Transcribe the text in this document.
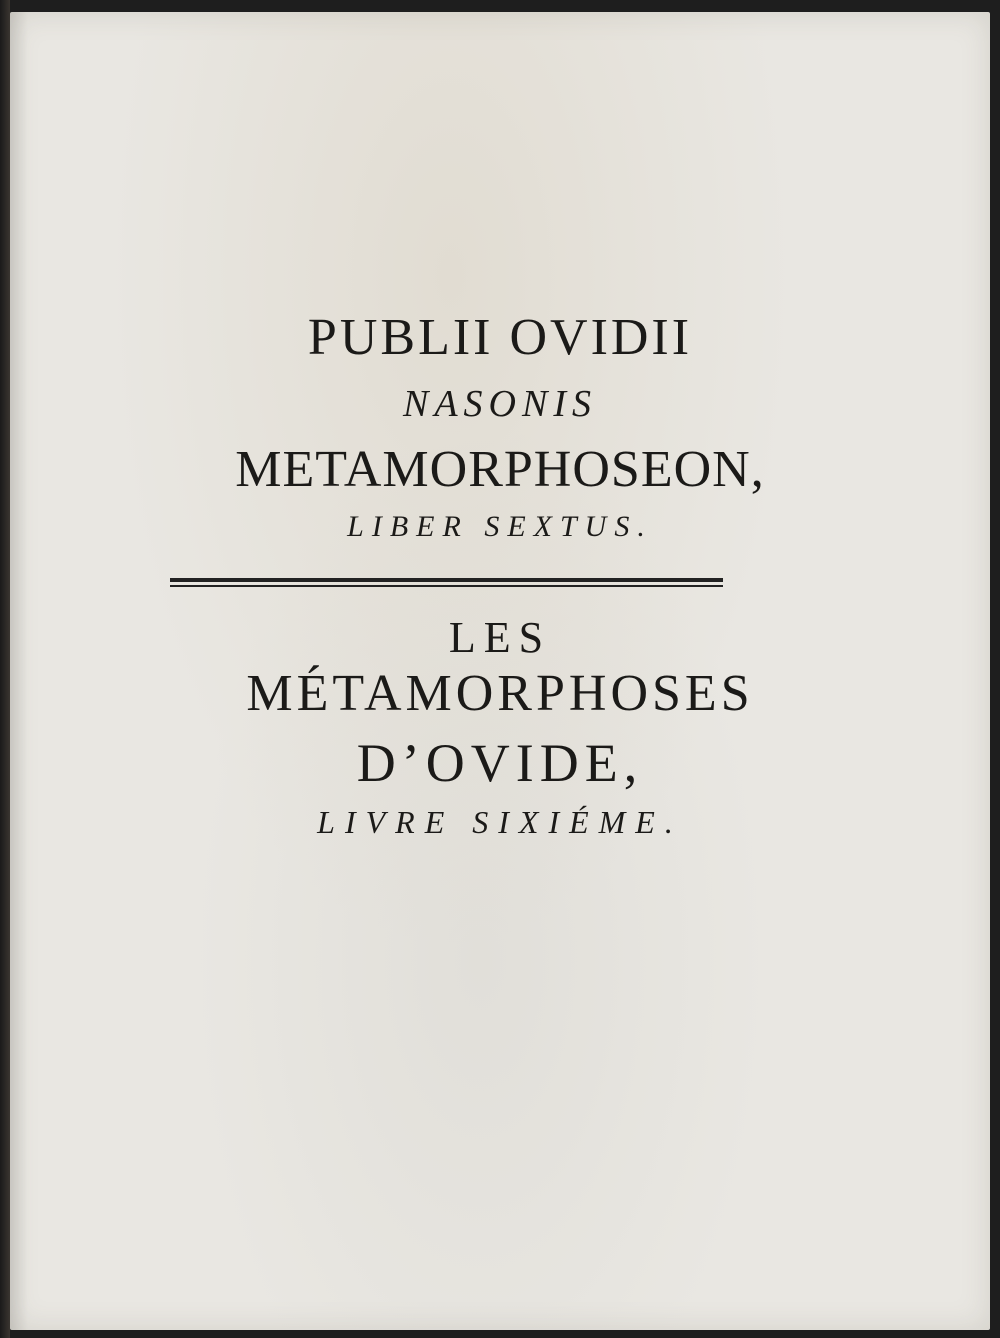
PUBLII OVIDII
NASONIS
METAMORPHOSEON,
LIBER SEXTUS.
LES
MÉTAMORPHOSES
D’OVIDE,
LIVRE SIXIÉME.
